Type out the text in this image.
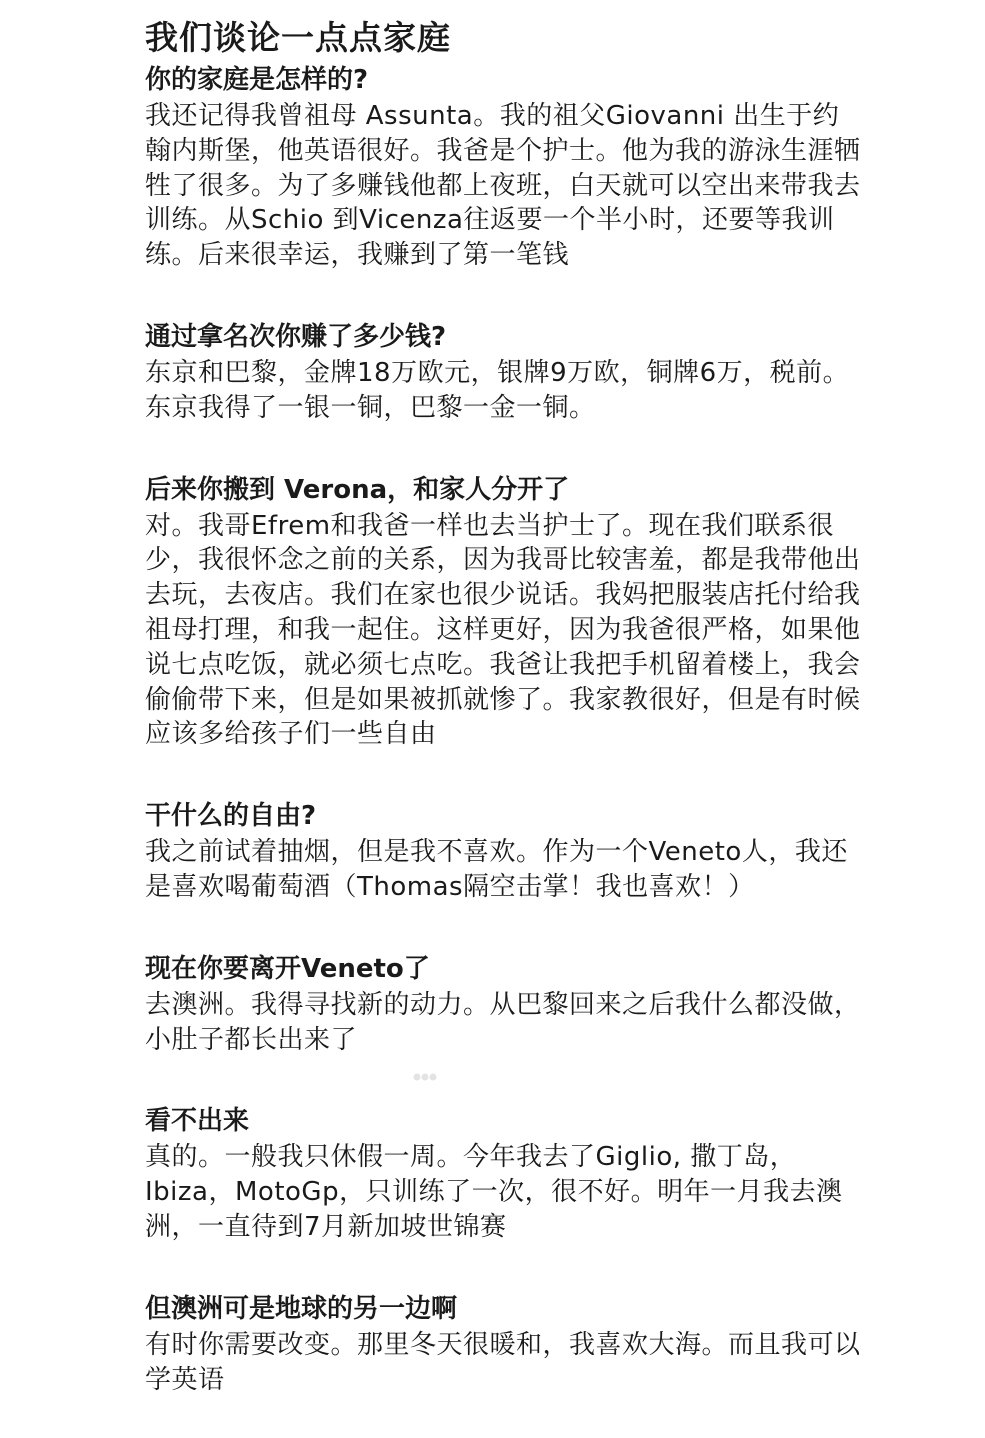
我们谈论一点点家庭

你的家庭是怎样的?

我还记得我曾祖母 Assunta。我的祖父Giovanni 出生于约翰内斯堡，他英语很好。我爸是个护士。他为我的游泳生涯牺牲了很多。为了多赚钱他都上夜班，白天就可以空出来带我去训练。从Schio 到Vicenza往返要一个半小时，还要等我训练。后来很幸运，我赚到了第一笔钱

通过拿名次你赚了多少钱?

东京和巴黎，金牌18万欧元，银牌9万欧，铜牌6万，税前。东京我得了一银一铜，巴黎一金一铜。

后来你搬到 Verona，和家人分开了

对。我哥Efrem和我爸一样也去当护士了。现在我们联系很少，我很怀念之前的关系，因为我哥比较害羞，都是我带他出去玩，去夜店。我们在家也很少说话。我妈把服装店托付给我祖母打理，和我一起住。这样更好，因为我爸很严格，如果他说七点吃饭，就必须七点吃。我爸让我把手机留着楼上，我会偷偷带下来，但是如果被抓就惨了。我家教很好，但是有时候应该多给孩子们一些自由

干什么的自由?

我之前试着抽烟，但是我不喜欢。作为一个Veneto人，我还是喜欢喝葡萄酒（Thomas隔空击掌！我也喜欢！）

现在你要离开Veneto了

去澳洲。我得寻找新的动力。从巴黎回来之后我什么都没做，小肚子都长出来了

看不出来

真的。一般我只休假一周。今年我去了Giglio, 撒丁岛，Ibiza，MotoGp，只训练了一次，很不好。明年一月我去澳洲，一直待到7月新加坡世锦赛

但澳洲可是地球的另一边啊

有时你需要改变。那里冬天很暖和，我喜欢大海。而且我可以学英语
